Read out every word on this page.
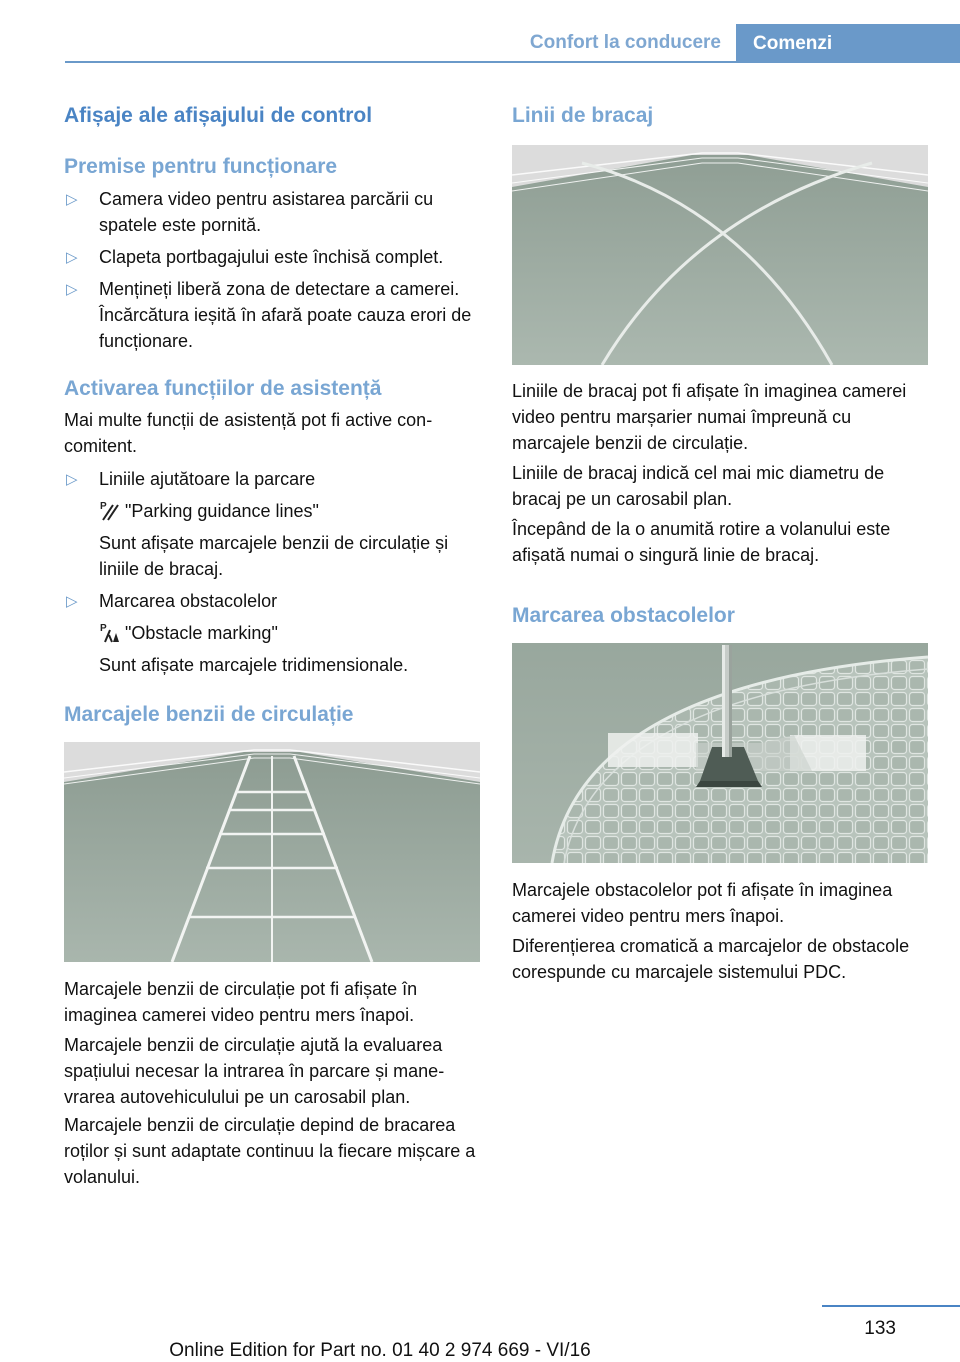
Confort la conducere	Comenzi
Afișaje ale afișajului de control
Premise pentru funcționare
▷ Camera video pentru asistarea parcării cu spatele este pornită.

▷ Clapeta portbagajului este închisă complet.

▷ Mențineți liberă zona de detectare a camerei. Încărcătura ieșită în afară poate cauza erori de funcționare.

Activarea funcțiilor de asistență

Mai multe funcții de asistență pot fi active concomitent.

▷ Liniile ajutătoare la parcare

P "Parking guidance lines"

Sunt afișate marcajele benzii de circulație și liniile de bracaj.

▷ Marcarea obstacolelor

P "Obstacle marking"

Sunt afișate marcajele tridimensionale.

Marcajele benzii de circulație

Marcajele benzii de circulație pot fi afișate în imaginea camerei video pentru mers înapoi.

Marcajele benzii de circulație ajută la evaluarea spațiului necesar la intrarea în parcare și manevrarea autovehiculului pe un carosabil plan.

Marcajele benzii de circulație depind de bracarea roților și sunt adaptate continuu la fiecare mișcare a volanului.

Linii de bracaj

Liniile de bracaj pot fi afișate în imaginea camerei video pentru marșarier numai împreună cu marcajele benzii de circulație.

Liniile de bracaj indică cel mai mic diametru de bracaj pe un carosabil plan.

Începând de la o anumită rotire a volanului este afișată numai o singură linie de bracaj.

Marcarea obstacolelor

Marcajele obstacolelor pot fi afișate în imaginea camerei video pentru mers înapoi.

Diferențierea cromatică a marcajelor de obstacole corespunde cu marcajele sistemului PDC.

133
Online Edition for Part no. 01 40 2 974 669 - VI/16
